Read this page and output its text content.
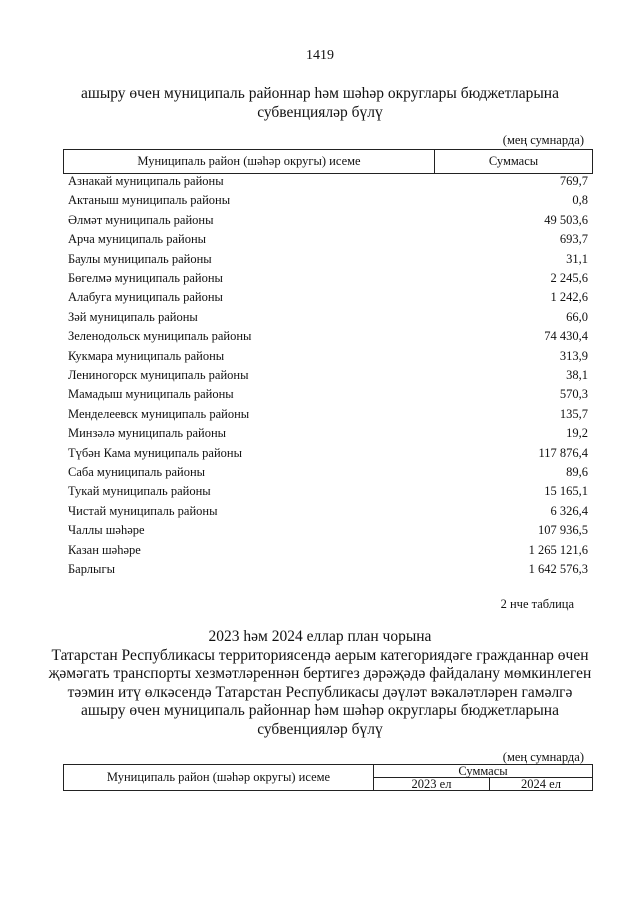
1419
ашыру өчен муниципаль районнар һәм шәһәр округлары бюджетларына
субвенцияләр бүлү
(мең сумнарда)
Муниципаль район (шәһәр округы) исеме	Суммасы
Азнакай муниципаль районы	769,7
Актаныш муниципаль районы	0,8
Әлмәт муниципаль районы	49 503,6
Арча муниципаль районы	693,7
Баулы муниципаль районы	31,1
Бөгелмә муниципаль районы	2 245,6
Алабуга муниципаль районы	1 242,6
Зәй муниципаль районы	66,0
Зеленодольск муниципаль районы	74 430,4
Кукмара муниципаль районы	313,9
Лениногорск муниципаль районы	38,1
Мамадыш муниципаль районы	570,3
Менделеевск муниципаль районы	135,7
Минзәлә муниципаль районы	19,2
Түбән Кама муниципаль районы	117 876,4
Саба муниципаль районы	89,6
Тукай муниципаль районы	15 165,1
Чистай муниципаль районы	6 326,4
Чаллы шәһәре	107 936,5
Казан шәһәре	1 265 121,6
Барлыгы	1 642 576,3
2 нче таблица
2023 һәм 2024 еллар план чорына
Татарстан Республикасы территориясендә аерым категориядәге гражданнар өчен
җәмәгать транспорты хезмәтләреннән бертигез дәрәҗәдә файдалану мөмкинлеген
тәэмин итү өлкәсендә Татарстан Республикасы дәүләт вәкаләтләрен гамәлгә
ашыру өчен муниципаль районнар һәм шәһәр округлары бюджетларына
субвенцияләр бүлү
(мең сумнарда)
Муниципаль район (шәһәр округы) исеме	Суммасы	
	2023 ел	2024 ел
